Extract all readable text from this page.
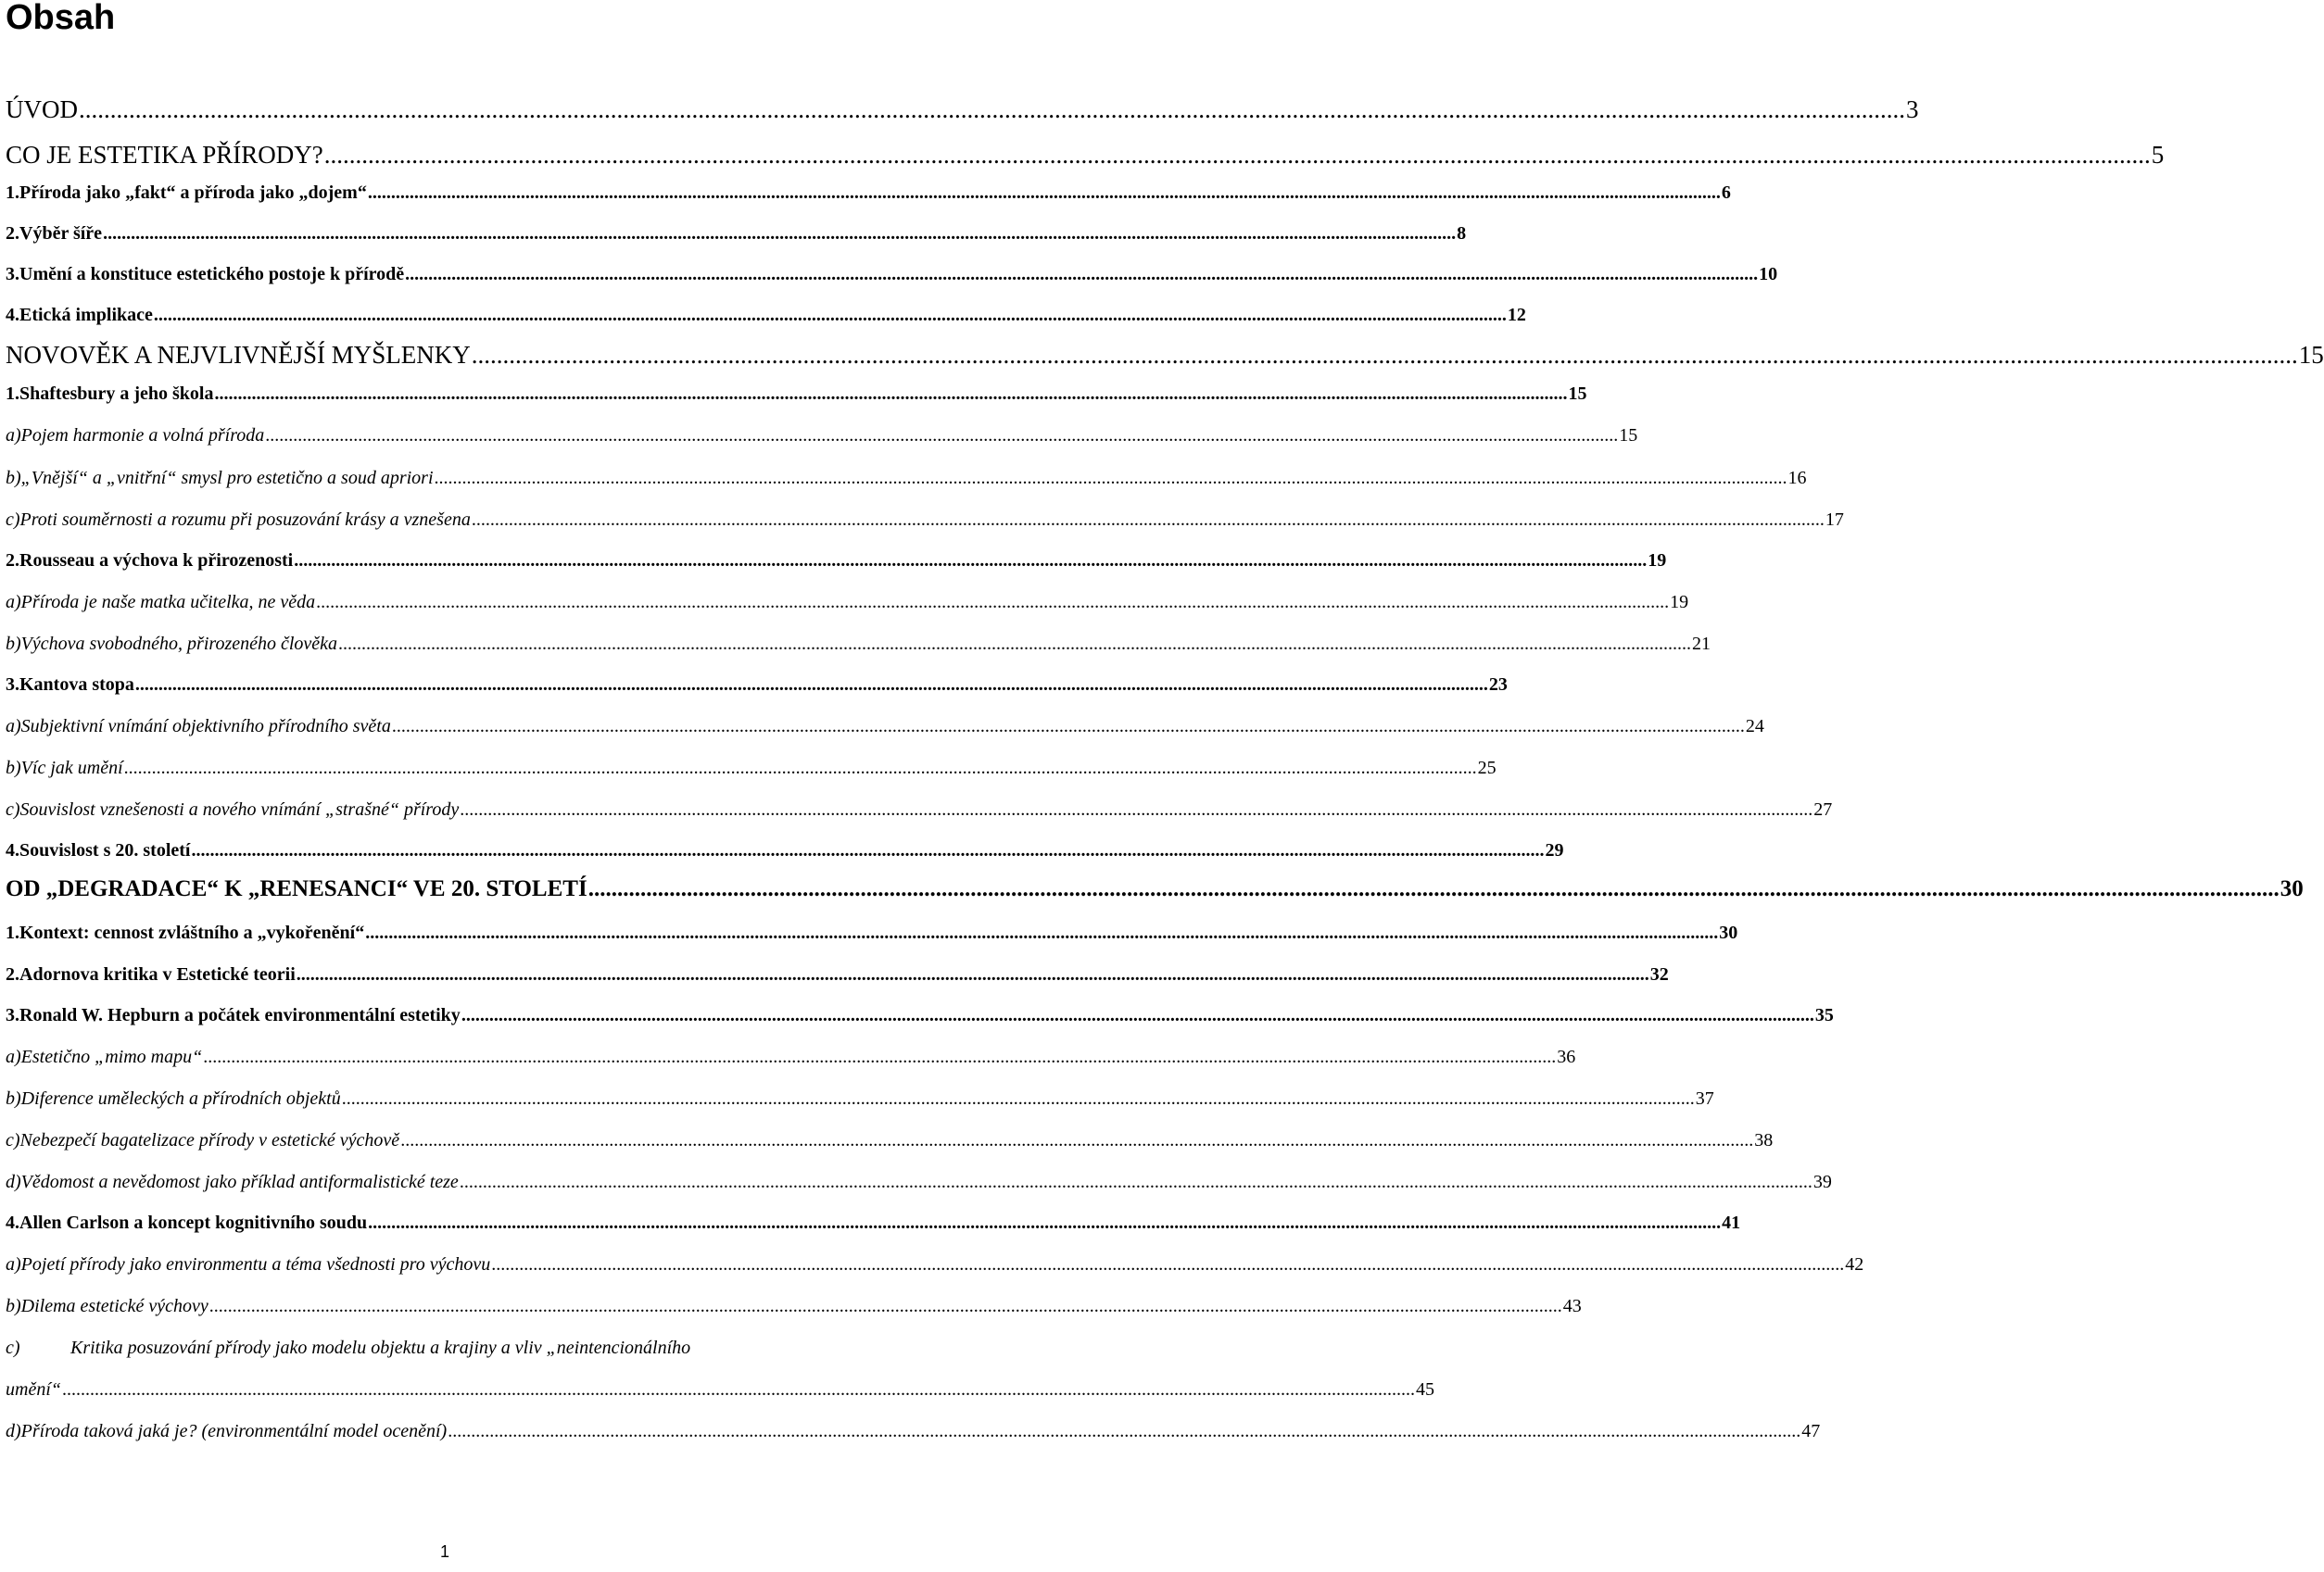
Obsah
ÚVOD .....	3
CO JE ESTETIKA PŘÍRODY? .....	5
1. Příroda jako „fakt“ a příroda jako „dojem“ .....	6
2. Výběr šíře .....	8
3. Umění a konstituce estetického postoje k přírodě .....	10
4. Etická implikace .....	12
NOVOVĚK A NEJVLIVNĚJŠÍ MYŠLENKY .....	15
1. Shaftesbury a jeho škola .....	15
a) Pojem harmonie a volná příroda .....	15
b) „Vnější“ a „vnitřní“ smysl pro estetično a soud apriori .....	16
c) Proti souměrnosti a rozumu při posuzování krásy a vznešena .....	17
2. Rousseau a výchova k přirozenosti .....	19
a) Příroda je naše matka učitelka, ne věda .....	19
b) Výchova svobodného, přirozeného člověka .....	21
3. Kantova stopa .....	23
a) Subjektivní vnímání objektivního přírodního světa .....	24
b) Víc jak umění .....	25
c) Souvislost vznešenosti a nového vnímání „strašné“ přírody .....	27
4. Souvislost s 20. století .....	29
OD „DEGRADACE“ K „RENESANCI“ VE 20. STOLETÍ .....	30
1. Kontext: cennost zvláštního a „vykořenění“ .....	30
2. Adornova kritika v Estetické teorii .....	32
3. Ronald W. Hepburn a počátek environmentální estetiky .....	35
a) Estetično „mimo mapu“ .....	36
b) Diference uměleckých a přírodních objektů .....	37
c) Nebezpečí bagatelizace přírody v estetické výchově .....	38
d) Vědomost a nevědomost jako příklad antiformalistické teze .....	39
4. Allen Carlson a koncept kognitivního soudu .....	41
a) Pojetí přírody jako environmentu a téma všednosti pro výchovu .....	42
b) Dilema estetické výchovy .....	43
c)	Kritika posuzování přírody jako modelu objektu a krajiny a vliv „neintencionálního
umění“ .....	45
d) Příroda taková jaká je? (environmentální model ocenění) .....	47
1
